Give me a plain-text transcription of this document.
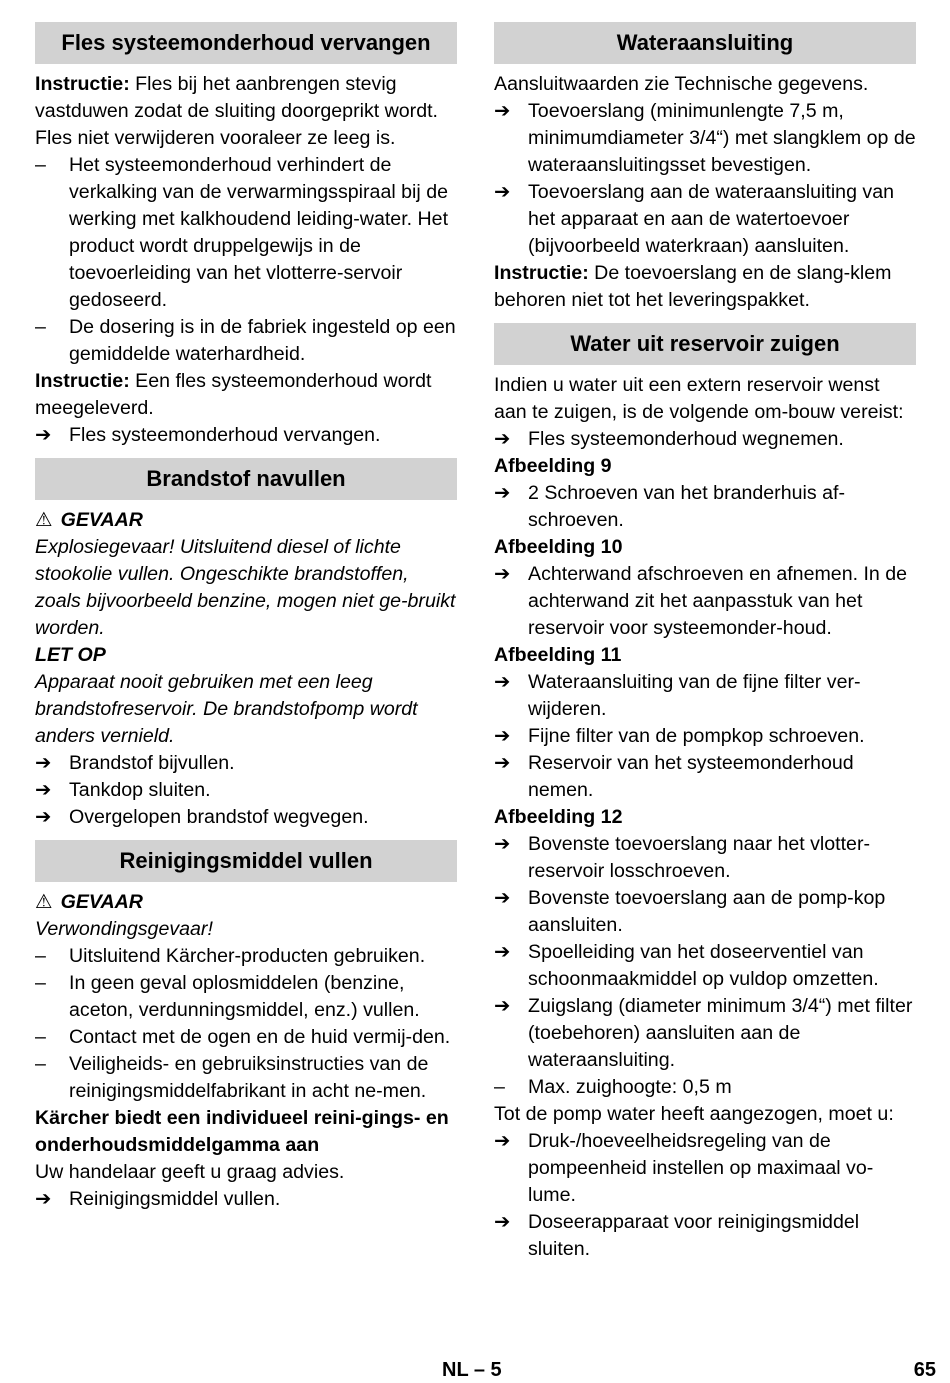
Fles systeemonderhoud vervangen

Instructie: Fles bij het aanbrengen stevig vastduwen zodat de sluiting doorgeprikt wordt. Fles niet verwijderen vooraleer ze leeg is.

–	Het systeemonderhoud verhindert de verkalking van de verwarmingsspiraal bij de werking met kalkhoudend leiding-water. Het product wordt druppelgewijs in de toevoerleiding van het vlotterre-servoir gedoseerd.
–	De dosering is in de fabriek ingesteld op een gemiddelde waterhardheid.

Instructie: Een fles systeemonderhoud wordt meegeleverd.

➔ Fles systeemonderhoud vervangen.
Brandstof navullen

⚠ GEVAAR

Explosiegevaar! Uitsluitend diesel of lichte stookolie vullen. Ongeschikte brandstoffen, zoals bijvoorbeeld benzine, mogen niet ge-bruikt worden.

LET OP

Apparaat nooit gebruiken met een leeg brandstofreservoir. De brandstofpomp wordt anders vernield.

➔ Brandstof bijvullen.
➔ Tankdop sluiten.
➔ Overgelopen brandstof wegvegen.
Reinigingsmiddel vullen

⚠ GEVAAR

Verwondingsgevaar!

–	Uitsluitend Kärcher-producten gebruiken.
–	In geen geval oplosmiddelen (benzine, aceton, verdunningsmiddel, enz.) vullen.
–	Contact met de ogen en de huid vermij-den.
–	Veiligheids- en gebruiksinstructies van de reinigingsmiddelfabrikant in acht ne-men.

Kärcher biedt een individueel reini-gings- en onderhoudsmiddelgamma aan

Uw handelaar geeft u graag advies.

➔ Reinigingsmiddel vullen.
Wateraansluiting

Aansluitwaarden zie Technische gegevens.

➔ Toevoerslang (minimunlengte 7,5 m, minimumdiameter 3/4“) met slangklem op de wateraansluitingsset bevestigen.
➔ Toevoerslang aan de wateraansluiting van het apparaat en aan de watertoevoer (bijvoorbeeld waterkraan) aansluiten.

Instructie: De toevoerslang en de slang-klem behoren niet tot het leveringspakket.

Water uit reservoir zuigen

Indien u water uit een extern reservoir wenst aan te zuigen, is de volgende om-bouw vereist:

➔ Fles systeemonderhoud wegnemen.

Afbeelding 9

➔ 2 Schroeven van het branderhuis af-schroeven.

Afbeelding 10

➔ Achterwand afschroeven en afnemen. In de achterwand zit het aanpasstuk van het reservoir voor systeemonder-houd.

Afbeelding 11

➔ Wateraansluiting van de fijne filter ver-wijderen.
➔ Fijne filter van de pompkop schroeven.
➔ Reservoir van het systeemonderhoud nemen.

Afbeelding 12

➔ Bovenste toevoerslang naar het vlotter-reservoir losschroeven.
➔ Bovenste toevoerslang aan de pomp-kop aansluiten.
➔ Spoelleiding van het doseerventiel van schoonmaakmiddel op vuldop omzetten.
➔ Zuigslang (diameter minimum 3/4“) met filter (toebehoren) aansluiten aan de wateraansluiting.
–	Max. zuighoogte: 0,5 m

Tot de pomp water heeft aangezogen, moet u:

➔ Druk-/hoeveelheidsregeling van de pompeenheid instellen op maximaal vo-lume.
➔ Doseerapparaat voor reinigingsmiddel sluiten.
NL – 5	65
